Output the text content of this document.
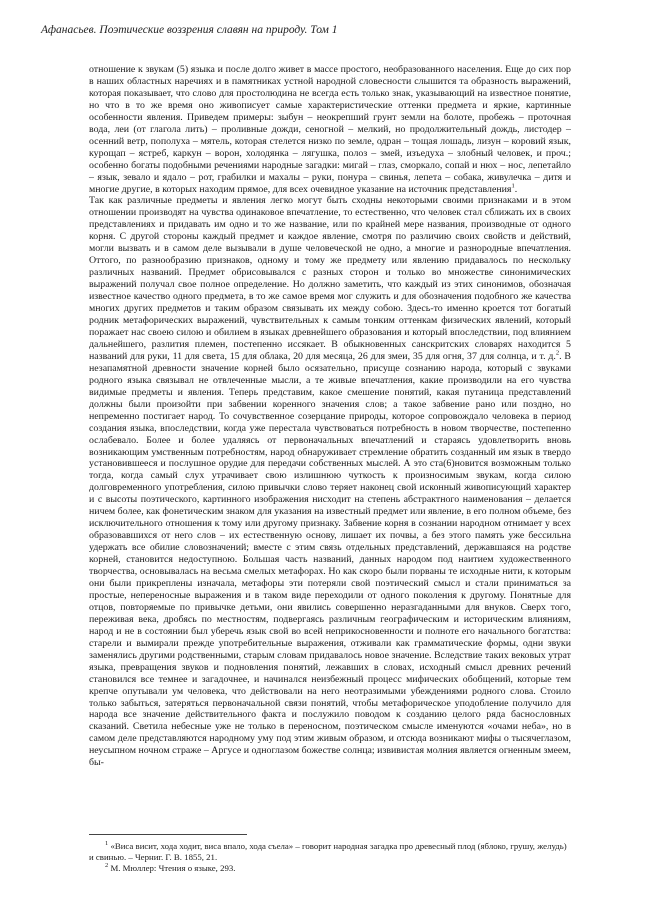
Афанасьев. Поэтические воззрения славян на природу. Том 1

отношение к звукам (5) языка и после долго живет в массе простого, необразованного населения. Еще до сих пор в наших областных наречиях и в памятниках устной народной словесности слышится та образность выражений, которая показывает, что слово для простолюдина не всегда есть только знак, указывающий на известное понятие, но что в то же время оно живописует самые характеристические оттенки предмета и яркие, картинные особенности явления. Приведем примеры: зыбун – неокрепший грунт земли на болоте, пробежь – проточная вода, леи (от глагола лить) – проливные дожди, сеногной – мелкий, но продолжительный дождь, листодер – осенний ветр, пополуха – мятель, которая стелется низко по земле, одран – тощая лошадь, лизун – коровий язык, курощап – ястреб, каркун – ворон, холодянка – лягушка, полоз – змей, изъедуха – злобный человек, и проч.; особенно богаты подобными речениями народные загадки: мигай – глаз, сморкало, сопай и нюх – нос, лепетайло – язык, зевало и ядало – рот, грабилки и махалы – руки, понура – свинья, лепета – собака, живулечка – дитя и многие другие, в которых находим прямое, для всех очевидное указание на источник представления$^1$.

Так как различные предметы и явления легко могут быть сходны некоторыми своими признаками и в этом отношении производят на чувства одинаковое впечатление, то естественно, что человек стал сближать их в своих представлениях и придавать им одно и то же название, или по крайней мере названия, производные от одного корня. С другой стороны каждый предмет и каждое явление, смотря по различию своих свойств и действий, могли вызвать и в самом деле вызывали в душе человеческой не одно, а многие и разнородные впечатления. Оттого, по разнообразию признаков, одному и тому же предмету или явлению придавалось по нескольку различных названий. Предмет обрисовывался с разных сторон и только во множестве синонимических выражений получал свое полное определение. Но должно заметить, что каждый из этих синонимов, обозначая известное качество одного предмета, в то же самое время мог служить и для обозначения подобного же качества многих других предметов и таким образом связывать их между собою. Здесь-то именно кроется тот богатый родник метафорических выражений, чувствительных к самым тонким оттенкам физических явлений, который поражает нас своею силою и обилием в языках древнейшего образования и который впоследствии, под влиянием дальнейшего, разлития племен, постепенно иссякает. В обыкновенных санскритских словарях находится 5 названий для руки, 11 для света, 15 для облака, 20 для месяца, 26 для змеи, 35 для огня, 37 для солнца, и т. д.$^2$. В незапамятной древности значение корней было осязательно, присуще сознанию народа, который с звуками родного языка связывал не отвлеченные мысли, а те живые впечатления, какие производили на его чувства видимые предметы и явления. Теперь представим, какое смешение понятий, какая путаница представлений должны были произойти при забвении коренного значения слов; а такое забвение рано или поздно, но непременно постигает народ. То сочувственное созерцание природы, которое сопровождало человека в период создания языка, впоследствии, когда уже перестала чувствоваться потребность в новом творчестве, постепенно ослабевало. Более и более удаляясь от первоначальных впечатлений и стараясь удовлетворить вновь возникающим умственным потребностям, народ обнаруживает стремление обратить созданный им язык в твердо установившееся и послушное орудие для передачи собственных мыслей. А это ста(6)новится возможным только тогда, когда самый слух утрачивает свою излишнюю чуткость к произносимым звукам, когда силою долговременного употребления, силою привычки слово теряет наконец свой исконный живописующий характер и с высоты поэтического, картинного изображения нисходит на степень абстрактного наименования – делается ничем более, как фонетическим знаком для указания на известный предмет или явление, в его полном объеме, без исключительного отношения к тому или другому признаку. Забвение корня в сознании народном отнимает у всех образовавшихся от него слов – их естественную основу, лишает их почвы, а без этого память уже бессильна удержать все обилие словозначений; вместе с этим связь отдельных представлений, державшаяся на родстве корней, становится недоступною. Большая часть названий, данных народом под наитием художественного творчества, основывалась на весьма смелых метафорах. Но как скоро были порваны те исходные нити, к которым они были прикреплены изначала, метафоры эти потеряли свой поэтический смысл и стали приниматься за простые, непереносные выражения и в таком виде переходили от одного поколения к другому. Понятные для отцов, повторяемые по привычке детьми, они явились совершенно неразгаданными для внуков. Сверх того, переживая века, дробясь по местностям, подвергаясь различным географическим и историческим влияниям, народ и не в состоянии был уберечь язык свой во всей неприкосновенности и полноте его начального богатства: старели и вымирали прежде употребительные выражения, отживали как грамматические формы, одни звуки заменялись другими родственными, старым словам придавалось новое значение. Вследствие таких вековых утрат языка, превращения звуков и подновления понятий, лежавших в словах, исходный смысл древних речений становился все темнее и загадочнее, и начинался неизбежный процесс мифических обобщений, которые тем крепче опутывали ум человека, что действовали на него неотразимыми убеждениями родного слова. Стоило только забыться, затеряться первоначальной связи понятий, чтобы метафорическое уподобление получило для народа все значение действительного факта и послужило поводом к созданию целого ряда баснословных сказаний. Светила небесные уже не только в переносном, поэтическом смысле именуются «очами неба», но в самом деле представляются народному уму под этим живым образом, и отсюда возникают мифы о тысячеглазом, неусыпном ночном страже – Аргусе и одноглазом божестве солнца; извивистая молния является огненным змеем, бы-

$^1$ «Виса висит, хода ходит, виса впало, хода съела» – говорит народная загадка про древесный плод (яблоко, грушу, желудь) и свинью. – Черниг. Г. В. 1855, 21.

$^2$ М. Мюллер: Чтения о языке, 293.
